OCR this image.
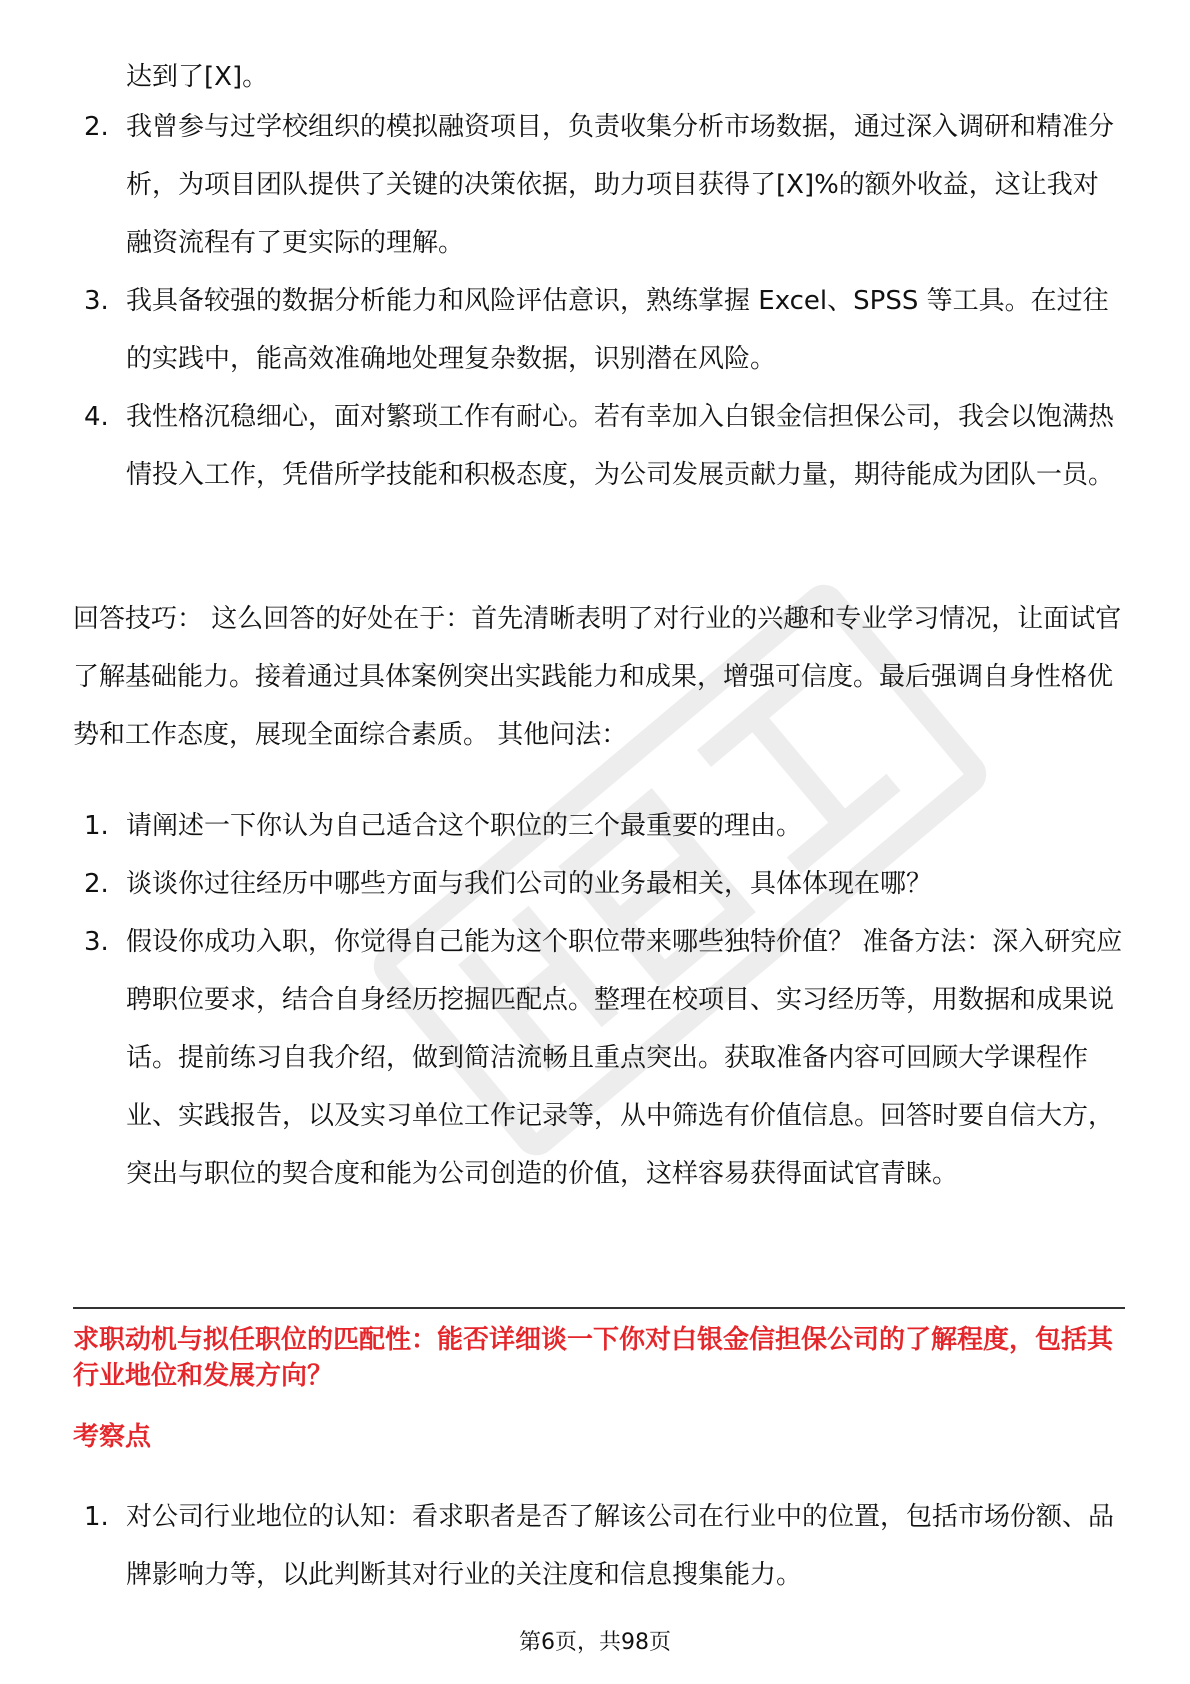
达到了[X]。

2. 我曾参与过学校组织的模拟融资项目，负责收集分析市场数据，通过深入调研和精准分析，为项目团队提供了关键的决策依据，助力项目获得了[X]%的额外收益，这让我对融资流程有了更实际的理解。
3. 我具备较强的数据分析能力和风险评估意识，熟练掌握 Excel、SPSS 等工具。在过往的实践中，能高效准确地处理复杂数据，识别潜在风险。
4. 我性格沉稳细心，面对繁琐工作有耐心。若有幸加入白银金信担保公司，我会以饱满热情投入工作，凭借所学技能和积极态度，为公司发展贡献力量，期待能成为团队一员。

回答技巧： 这么回答的好处在于：首先清晰表明了对行业的兴趣和专业学习情况，让面试官了解基础能力。接着通过具体案例突出实践能力和成果，增强可信度。最后强调自身性格优势和工作态度，展现全面综合素质。 其他问法：

1. 请阐述一下你认为自己适合这个职位的三个最重要的理由。
2. 谈谈你过往经历中哪些方面与我们公司的业务最相关，具体体现在哪？
3. 假设你成功入职，你觉得自己能为这个职位带来哪些独特价值？ 准备方法：深入研究应聘职位要求，结合自身经历挖掘匹配点。整理在校项目、实习经历等，用数据和成果说话。提前练习自我介绍，做到简洁流畅且重点突出。获取准备内容可回顾大学课程作业、实践报告，以及实习单位工作记录等，从中筛选有价值信息。回答时要自信大方，突出与职位的契合度和能为公司创造的价值，这样容易获得面试官青睐。
求职动机与拟任职位的匹配性：能否详细谈一下你对白银金信担保公司的了解程度，包括其行业地位和发展方向？
考察点
1. 对公司行业地位的认知：看求职者是否了解该公司在行业中的位置，包括市场份额、品牌影响力等，以此判断其对行业的关注度和信息搜集能力。
第6页，共98页
